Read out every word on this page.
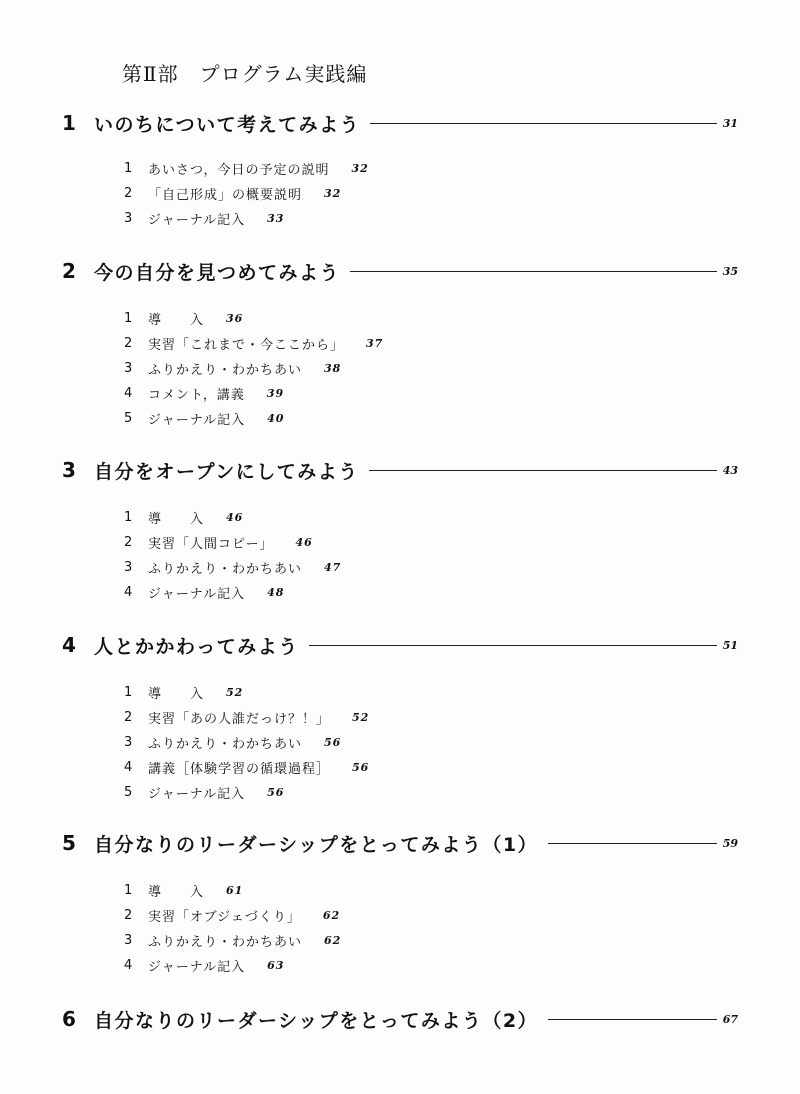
第Ⅱ部　プログラム実践編
1 いのちについて考えてみよう	31
1	あいさつ，今日の予定の説明 32
2	「自己形成」の概要説明 32
3	ジャーナル記入 33
2 今の自分を見つめてみよう	35
1	導　　入 36
2	実習「これまで・今ここから」 37
3	ふりかえり・わかちあい 38
4	コメント，講義 39
5	ジャーナル記入 40
3 自分をオープンにしてみよう	43
1	導　　入 46
2	実習「人間コピー」 46
3	ふりかえり・わかちあい 47
4	ジャーナル記入 48
4 人とかかわってみよう	51
1	導　　入 52
2	実習「あの人誰だっけ？！」 52
3	ふりかえり・わかちあい 56
4	講義［体験学習の循環過程］ 56
5	ジャーナル記入 56
5 自分なりのリーダーシップをとってみよう（1）	59
1	導　　入 61
2	実習「オブジェづくり」 62
3	ふりかえり・わかちあい 62
4	ジャーナル記入 63
6 自分なりのリーダーシップをとってみよう（2）	67
